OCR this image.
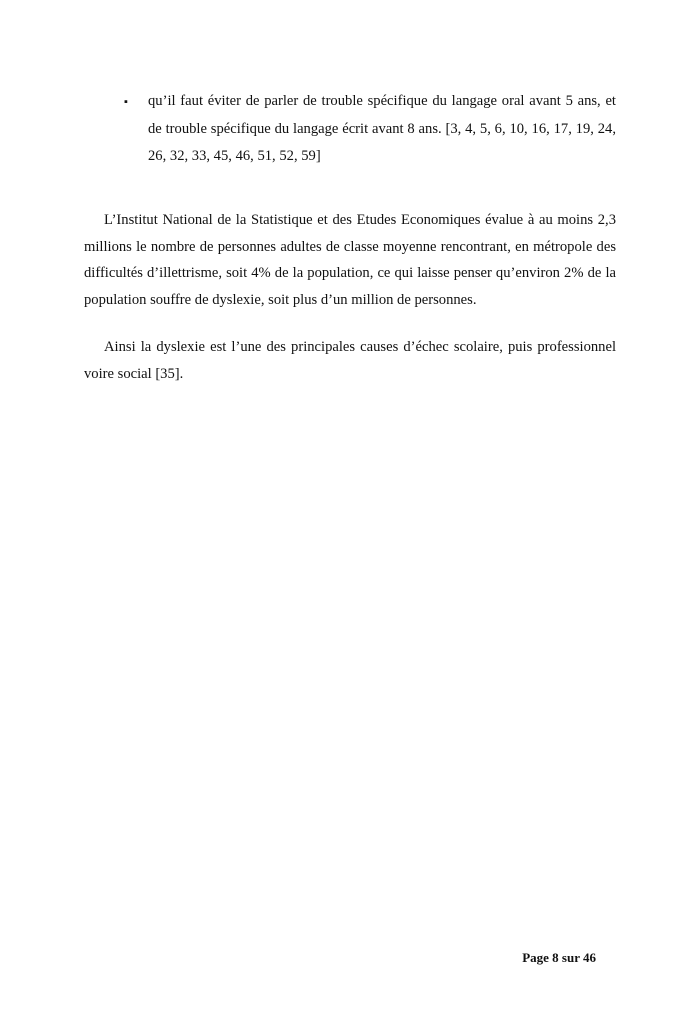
▪	qu’il faut éviter de parler de trouble spécifique du langage oral avant 5 ans, et de trouble spécifique du langage écrit avant 8 ans. [3, 4, 5, 6, 10, 16, 17, 19, 24, 26, 32, 33, 45, 46, 51, 52, 59]

L’Institut National de la Statistique et des Etudes Economiques évalue à au moins 2,3 millions le nombre de personnes adultes de classe moyenne rencontrant, en métropole des difficultés d’illettrisme, soit 4% de la population, ce qui laisse penser qu’environ 2% de la population souffre de dyslexie, soit plus d’un million de personnes.

Ainsi la dyslexie est l’une des principales causes d’échec scolaire, puis professionnel voire social [35].

Page 8 sur 46
